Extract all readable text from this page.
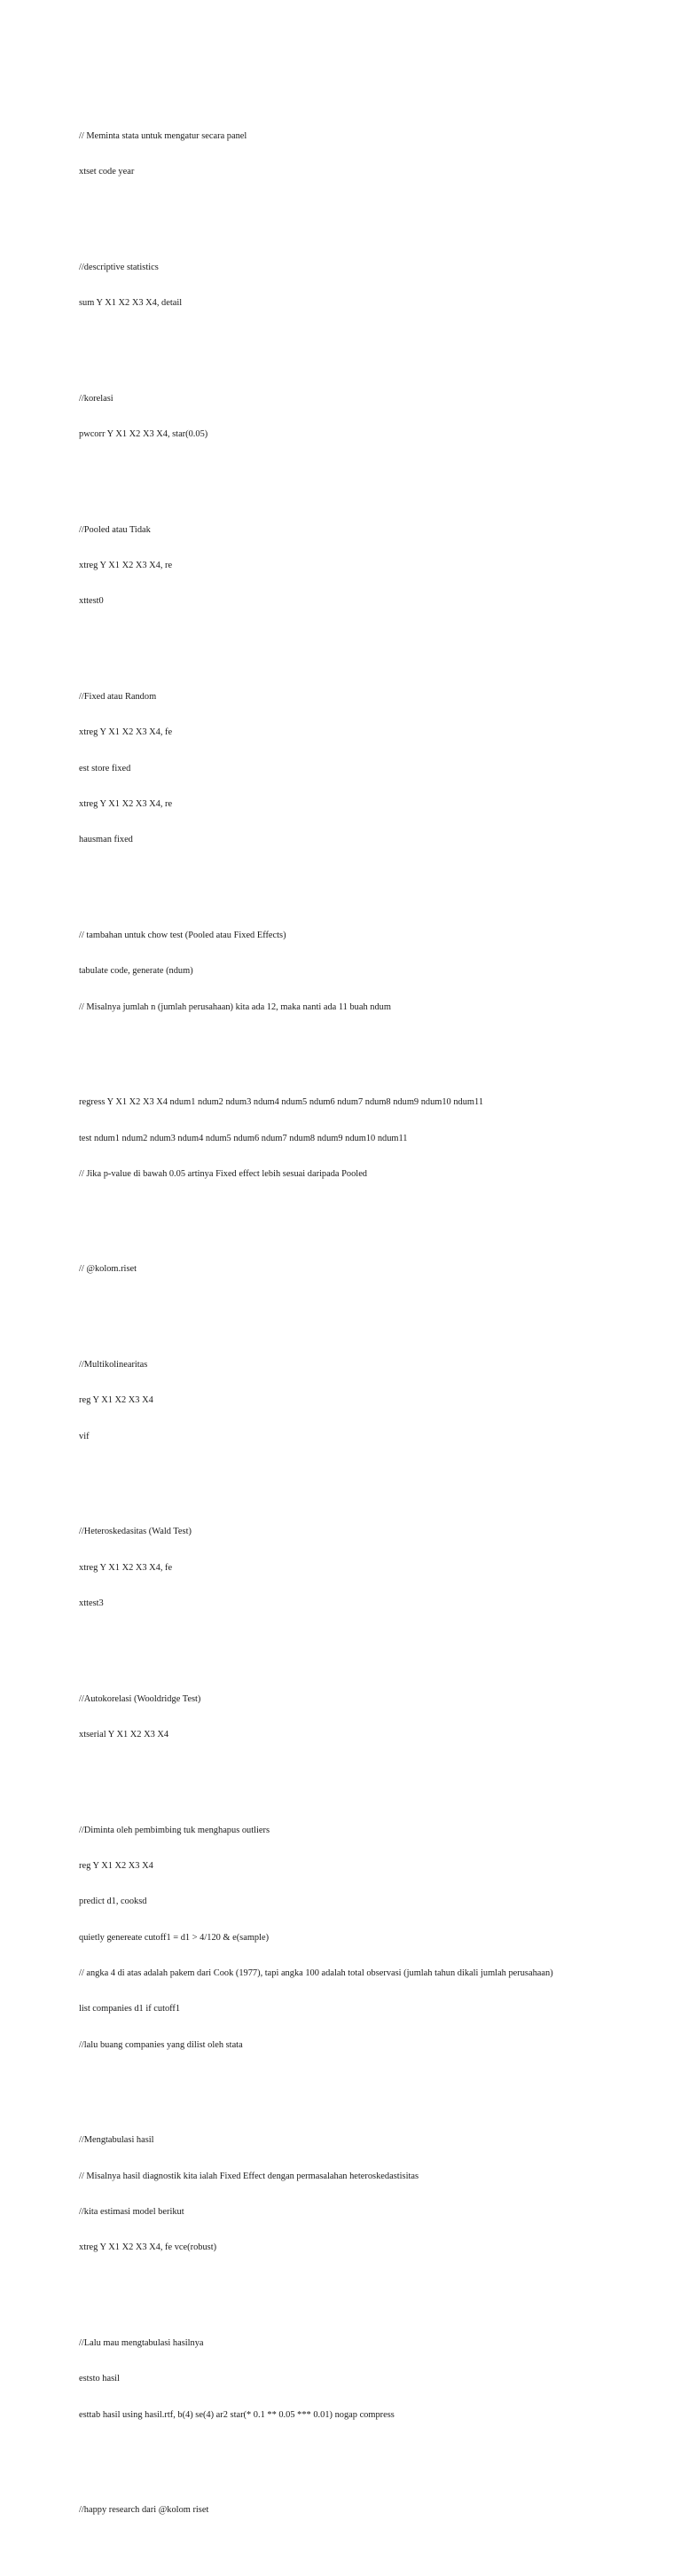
// Meminta stata untuk mengatur secara panel

xtset code year

//descriptive statistics

sum Y X1 X2 X3 X4, detail

//korelasi

pwcorr Y X1 X2 X3 X4, star(0.05)

//Pooled atau Tidak

xtreg Y X1 X2 X3 X4, re

xttest0

//Fixed atau Random

xtreg Y X1 X2 X3 X4, fe

est store fixed

xtreg Y X1 X2 X3 X4, re

hausman fixed

// tambahan untuk chow test (Pooled atau Fixed Effects)

tabulate code, generate (ndum)

// Misalnya jumlah n (jumlah perusahaan) kita ada 12, maka nanti ada 11 buah ndum

regress Y X1 X2 X3 X4 ndum1 ndum2 ndum3 ndum4 ndum5 ndum6 ndum7 ndum8 ndum9 ndum10 ndum11

test ndum1 ndum2 ndum3 ndum4 ndum5 ndum6 ndum7 ndum8 ndum9 ndum10 ndum11

// Jika p-value di bawah 0.05 artinya Fixed effect lebih sesuai daripada Pooled

// @kolom.riset

//Multikolinearitas

reg Y X1 X2 X3 X4

vif

//Heteroskedasitas (Wald Test)

xtreg Y X1 X2 X3 X4, fe

xttest3

//Autokorelasi (Wooldridge Test)

xtserial Y X1 X2 X3 X4

//Diminta oleh pembimbing tuk menghapus outliers

reg Y X1 X2 X3 X4

predict d1, cooksd

quietly genereate cutoff1 = d1 > 4/120 & e(sample)

// angka 4 di atas adalah pakem dari Cook (1977), tapi angka 100 adalah total observasi (jumlah tahun dikali jumlah perusahaan)

list companies d1 if cutoff1

//lalu buang companies yang dilist oleh stata

//Mengtabulasi hasil

// Misalnya hasil diagnostik kita ialah Fixed Effect dengan permasalahan heteroskedastisitas

//kita estimasi model berikut

xtreg Y X1 X2 X3 X4, fe vce(robust)

//Lalu mau mengtabulasi hasilnya

eststo hasil

esttab hasil using hasil.rtf, b(4) se(4) ar2 star(* 0.1 ** 0.05 *** 0.01) nogap compress

//happy research dari @kolom riset
